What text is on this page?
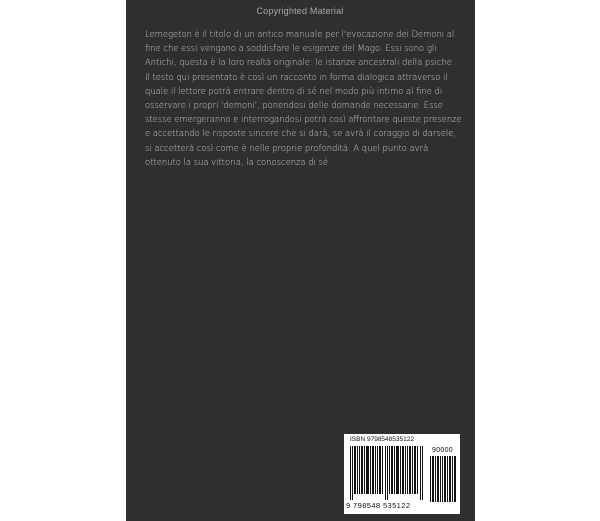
Copyrighted Material

Lemegeton è il titolo di un antico manuale per l'evocazione dei Demoni al fine che essi vengano a soddisfare le esigenze del Mago. Essi sono gli Antichi, questa è la loro realtà originale: le istanze ancestrali della psiche. Il testo qui presentato è così un racconto in forma dialogica attraverso il quale il lettore potrà entrare dentro di sé nel modo più intimo al fine di osservare i propri 'demoni', ponendosi delle domande necessarie. Esse stesse emergeranno e interrogandosi potrà così affrontare queste presenze e accettando le risposte sincere che si darà, se avrà il coraggio di darsele, si accetterà così come è nelle proprie profondità. A quel punto avrà ottenuto la sua vittoria, la conoscenza di sé

ISBN 9798548535122
90000
9 798548 535122
